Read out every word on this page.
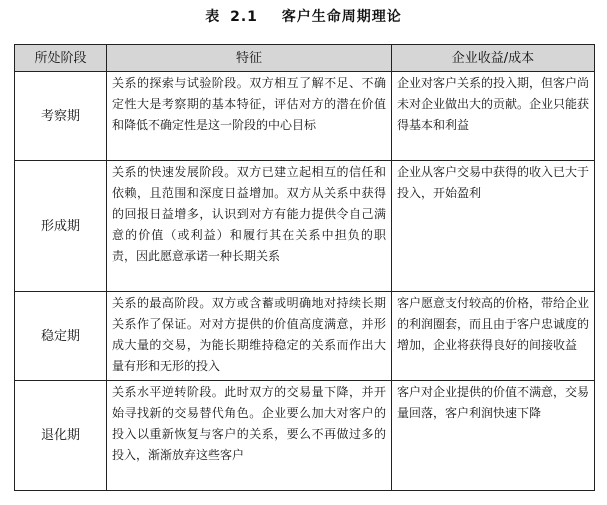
表 2.1 客户生命周期理论
所处阶段	特征	企业收益/成本
考察期	关系的探索与试验阶段。双方相互了解不足、不确定性大是考察期的基本特征，评估对方的潜在价值和降低不确定性是这一阶段的中心目标	企业对客户关系的投入期，但客户尚未对企业做出大的贡献。企业只能获得基本和利益
形成期	关系的快速发展阶段。双方已建立起相互的信任和依赖，且范围和深度日益增加。双方从关系中获得的回报日益增多，认识到对方有能力提供令自己满意的价值（或利益）和履行其在关系中担负的职责，因此愿意承诺一种长期关系	企业从客户交易中获得的收入已大于投入，开始盈利
稳定期	关系的最高阶段。双方或含蓄或明确地对持续长期关系作了保证。对对方提供的价值高度满意，并形成大量的交易，为能长期维持稳定的关系而作出大量有形和无形的投入	客户愿意支付较高的价格，带给企业的利润圈套，而且由于客户忠诚度的增加，企业将获得良好的间接收益
退化期	关系水平逆转阶段。此时双方的交易量下降，并开始寻找新的交易替代角色。企业要么加大对客户的投入以重新恢复与客户的关系，要么不再做过多的投入，渐渐放弃这些客户	客户对企业提供的价值不满意，交易量回落，客户利润快速下降
